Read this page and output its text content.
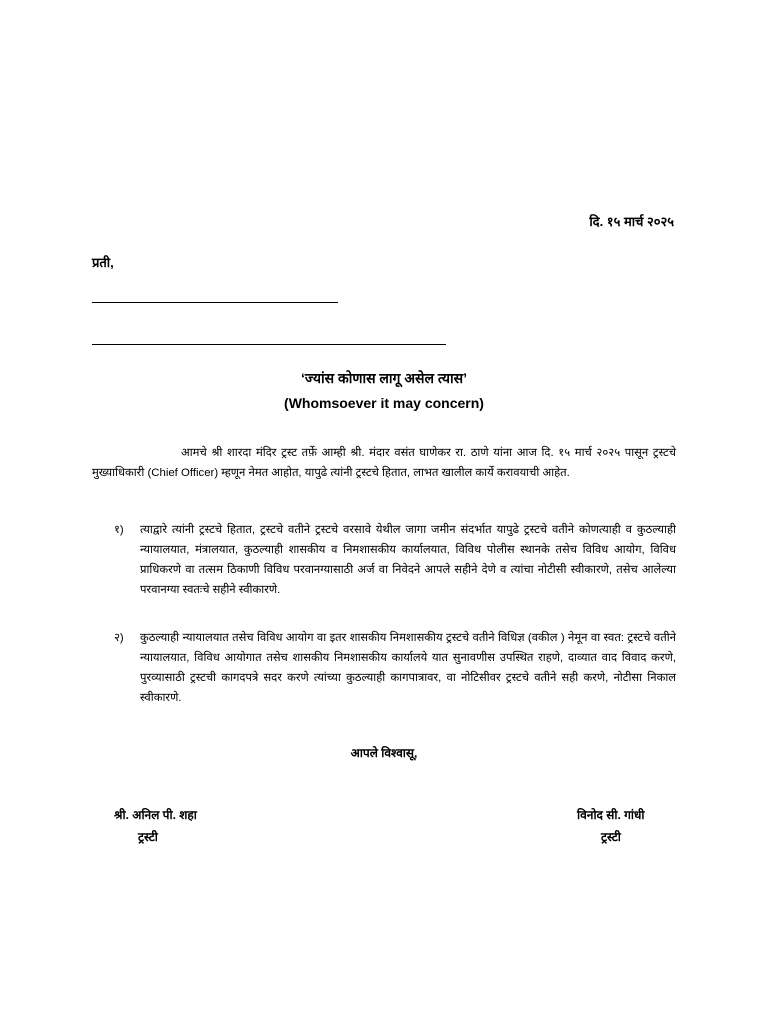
दि. १५ मार्च २०२५
प्रती,
‘ज्यांस कोणास लागू असेल त्यास’
(Whomsoever it may concern)
आमचे श्री शारदा मंदिर ट्रस्ट तर्फ़े आम्ही श्री. मंदार वसंत घाणेकर रा. ठाणे यांना आज दि. १५ मार्च २०२५ पासून ट्रस्टचे मुख्याधिकारी (Chief Officer) म्हणून नेमत आहोत, यापुढे त्यांनी ट्रस्टचे हितात, लाभत खालील कार्ये करावयाची आहेत.
१)	त्याद्वारे त्यांनी ट्रस्टचे हितात, ट्रस्टचे वतीने ट्रस्टचे वरसावे येथील जागा जमीन संदर्भात यापुढे ट्रस्टचे वतीने कोणत्याही व कुठल्याही न्यायालयात, मंत्रालयात, कुठल्याही शासकीय व निमशासकीय कार्यालयात, विविध पोलीस स्थानके तसेच विविध आयोग, विविध प्राधिकरणे वा तत्सम ठिकाणी विविध परवानग्यासाठी अर्ज वा निवेदने आपले सहीने देणे व त्यांचा नोटीसी स्वीकारणे, तसेच आलेल्या परवानग्या स्वतःचे सहीने स्वीकारणे.
२)	कुठल्याही न्यायालयात तसेच विविध आयोग वा इतर शासकीय निमशासकीय ट्रस्टचे वतीने विधिज्ञ (वकील ) नेमून वा स्वत: ट्रस्टचे वतीने न्यायालयात, विविध आयोगात तसेच शासकीय निमशासकीय कार्यालये यात सुनावणीस उपस्थित राहणे, दाव्यात वाद विवाद करणे, पुरव्यासाठी ट्रस्टची कागदपत्रे सदर करणे त्यांच्या कुठल्याही कागपात्रावर, वा नोटिसीवर ट्रस्टचे वतीने सही करणे, नोटीसा निकाल स्वीकारणे.
आपले विश्वासू,
श्री. अनिल पी. शहा
ट्रस्टी
विनोद सी. गांधी
ट्रस्टी
